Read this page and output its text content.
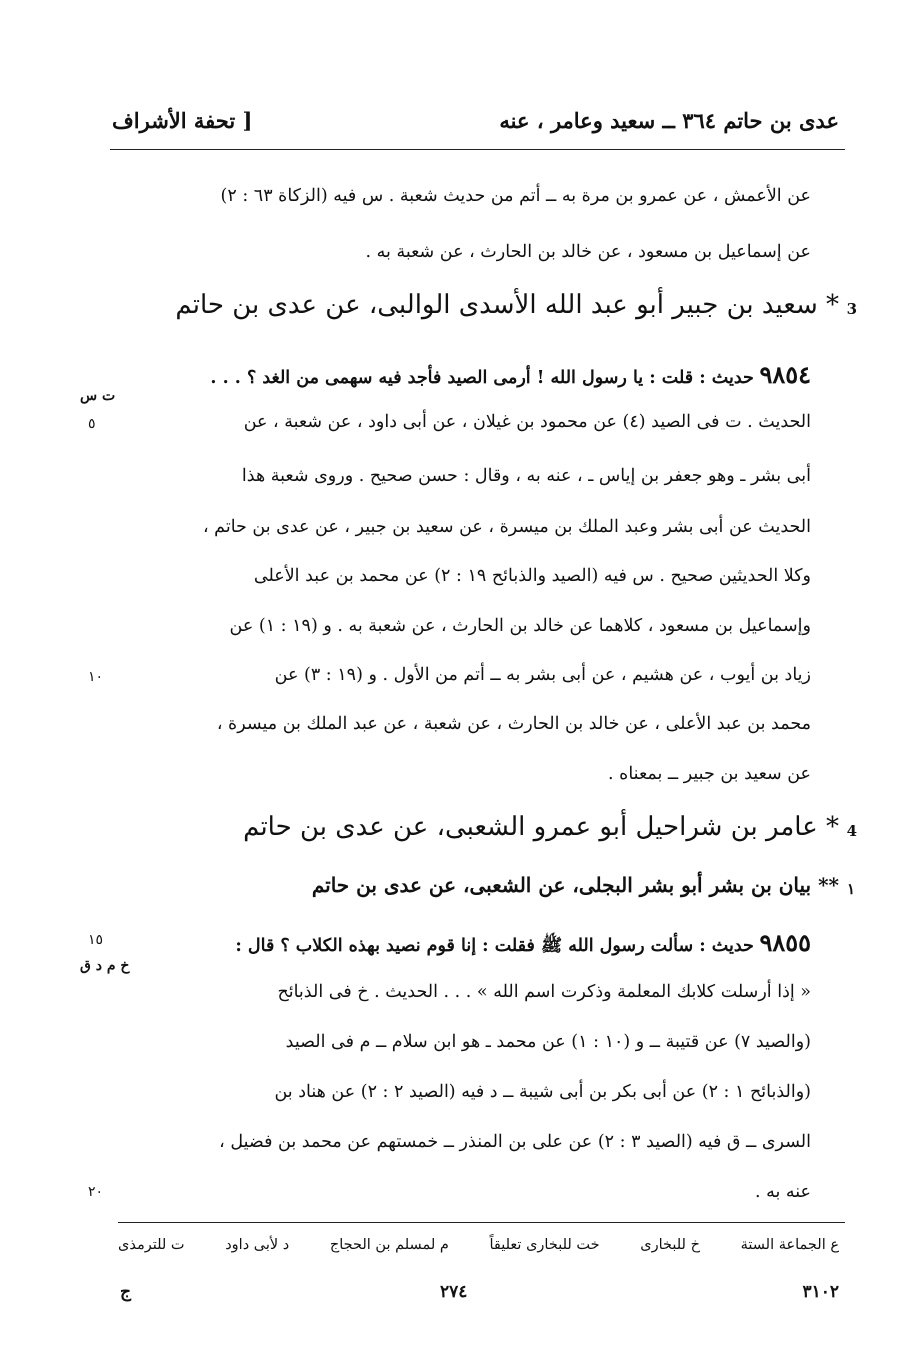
عدى بن حاتم ٣٦٤ ــ سعيد وعامر ، عنه
[ تحفة الأشراف
عن الأعمش ، عن عمرو بن مرة به ــ أتم من حديث شعبة . س فيه (الزكاة ٦٣ : ٢)
عن إسماعيل بن مسعود ، عن خالد بن الحارث ، عن شعبة به .
3
* سعيد بن جبير أبو عبد الله الأسدى الوالبى، عن عدى بن حاتم
٩٨٥٤ حديث : قلت : يا رسول الله ! أرمى الصيد فأجد فيه سهمى من الغد ؟ . . .
ت س
الحديث . ت فى الصيد (٤) عن محمود بن غيلان ، عن أبى داود ، عن شعبة ، عن
٥
أبى بشر ـ وهو جعفر بن إياس ـ ، عنه به ، وقال : حسن صحيح . وروى شعبة هذا
الحديث عن أبى بشر وعبد الملك بن ميسرة ، عن سعيد بن جبير ، عن عدى بن حاتم ،
وكلا الحديثين صحيح . س فيه (الصيد والذبائح ١٩ : ٢) عن محمد بن عبد الأعلى
وإسماعيل بن مسعود ، كلاهما عن خالد بن الحارث ، عن شعبة به . و (١٩ : ١) عن
زياد بن أيوب ، عن هشيم ، عن أبى بشر به ــ أتم من الأول . و (١٩ : ٣) عن
١٠
محمد بن عبد الأعلى ، عن خالد بن الحارث ، عن شعبة ، عن عبد الملك بن ميسرة ،
عن سعيد بن جبير ــ بمعناه .
4
* عامر بن شراحيل أبو عمرو الشعبى، عن عدى بن حاتم
١
** بيان بن بشر أبو بشر البجلى، عن الشعبى، عن عدى بن حاتم
٩٨٥٥ حديث : سألت رسول الله ﷺ فقلت : إنا قوم نصيد بهذه الكلاب ؟ قال :
١٥
خ م د ق
« إذا أرسلت كلابك المعلمة وذكرت اسم الله » . . . الحديث . خ فى الذبائح
(والصيد ٧) عن قتيبة ــ و (١٠ : ١) عن محمد ـ هو ابن سلام ــ م فى الصيد
(والذبائح ١ : ٢) عن أبى بكر بن أبى شيبة ــ د فيه (الصيد ٢ : ٢) عن هناد بن
السرى ــ ق فيه (الصيد ٣ : ٢) عن على بن المنذر ــ خمستهم عن محمد بن فضيل ،
عنه به .
٢٠
ع الجماعة الستة
خ للبخارى
خت للبخارى تعليقاً
م لمسلم بن الحجاج
د لأبى داود
ت للترمذى
٣١٠٢
٢٧٤
ج
